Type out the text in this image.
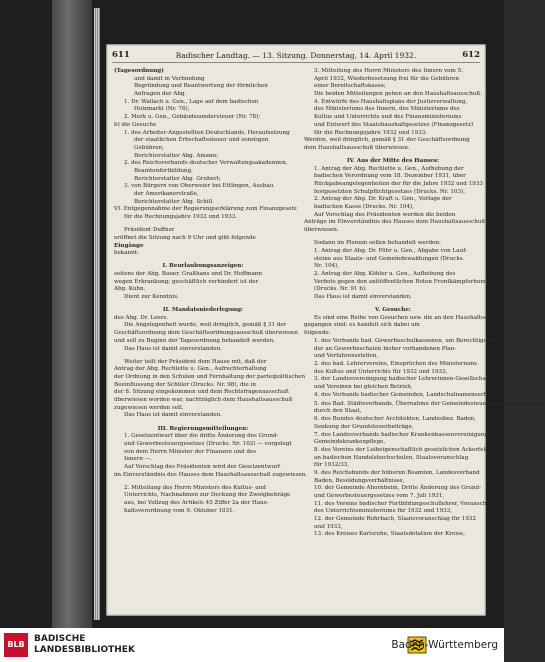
611	Badischer Landtag. — 13. Sitzung. Donnerstag, 14. April 1932.	612

(Tagesordnung)

und damit in Verbindung

Begründung und Beantwortung der förmlichen

Anfragen der Abg.

1. Dr. Wallach u. Gen., Lage auf dem badischen

Holzmarkt (Nr. 76),

2. Merk u. Gen., Gebäudesondersteuer (Nr. 78);

b) die Gesuche

1. des Arbeiter-Angestellten Deutschlands, Heraufsetzung

der staatlichen Erbschaftssteuer und sonstigen

Gebühren,

Berichterstatter Abg. Amann;

2. des Reichsverbands deutscher Verwaltungsakademien,

Beamtenfortbildung,

Berichterstatter Abg. Grubert;

3. von Bürgern von Oberweier bei Ettlingen, Ausbau

der Amerikanerstraße,

Berichterstatter Abg. Schill.

VI. Entgegennahme der Regierungserklärung zum Finanzgesetz

für die Rechnungsjahre 1932 und 1933.

Präsident Duffner

eröffnet die Sitzung nach 9 Uhr und gibt folgende

Eingänge

bekannt:

I. Beurlaubungsanzeigen:

seitens der Abg. Bauer, Graßhans und Dr. Hoffmann

wegen Erkrankung; geschäftlich verhindert ist der

Abg. Kuhn.

Dient zur Kenntnis.

II. Mandatsniederlegung:

des Abg. Dr. Leers.

Die Angelegenheit wurde, weil dringlich, gemäß § 31 der

Geschäftsordnung dem Geschäftsordnungsausschuß überwiesen

und soll zu Beginn der Tagesordnung behandelt werden.

Das Haus ist damit einverstanden.

Weiter teilt der Präsident dem Hause mit, daß der

Antrag der Abg. Rechlette u. Gen., Aufrechterhaltung

der Ordnung in den Schulen und Fernhaltung der parteipolitischen

Beeinflussung der Schüler (Drucks. Nr. 98), die in

der 8. Sitzung eingekommen und dem Rechtsfragenausschuß

überwiesen worden war, nachträglich dem Haushaltsausschuß

zugewiesen werden soll.

Das Haus ist damit einverstanden.

III. Regierungsmitteilungen:

1. Gesetzentwurf über die dritte Änderung des Grund-

und Gewerbesteuergesetzes (Drucks. Nr. 102) — vorgelegt

von dem Herrn Minister der Finanzen und des

Innern —.

Auf Vorschlag des Präsidenten wird der Gesetzentwurf

im Einverständnis des Hauses dem Haushaltsausschuß zugewiesen.

2. Mitteilung des Herrn Ministers des Kultus- und

Unterrichts, Nachnahmen zur Deckung der Zweigbeiträge

aus, bei Vollzug des Artikels 45 Ziffer 2a der Haus-

haltsverordnung vom 9. Oktober 1931.

3. Mitteilung des Herrn Ministers des Innern vom 5.

April 1932, Wiederbesetzung frei für die Gebühren

einer Bereitschaftskasse;

Die beiden Mitteilungen gehen an den Haushaltsausschuß.

4. Entwürfe des Haushaltsplans der Justizverwaltung,

des Ministeriums des Innern, des Ministeriums des

Kultus und Unterrichts und des Finanzministeriums

und Entwurf des Staatshaushaltgesetzes (Finanzgesetz)

für die Rechnungsjahre 1932 und 1933.

Werden, weil dringlich, gemäß § 31 der Geschäftsordnung

dem Haushaltsausschuß überwiesen.

IV. Aus der Mitte des Hauses:

1. Antrag der Abg. Rechlette u. Gen., Aufhebung der

badischen Verordnung vom 18. Dezember 1931, über

Rückgabeangelegenheiten der für die Jahre 1932 und 1933

festgesetzten Schulpflichtgesetzes (Drucks. Nr. 103),

2. Antrag der Abg. Dr. Kraft u. Gen., Vorlage der

badischen Kasse (Drucks. Nr. 104),

Auf Vorschlag des Präsidenten werden die beiden

Anträge im Einverständnis des Hauses dem Haushaltsausschuß

überwiesen.

Sodann im Plenum sollen behandelt werden:

1. Antrag der Abg. Dr. Föhr u. Gen., Abgabe von Lauf-

steine aus Staats- und Gemeindewaldungen (Drucks.

Nr. 104),

2. Antrag der Abg. Köhler u. Gen., Aufhebung des

Verbots gegen den antiöffentlichen Roten Frontkämpferbund

(Drucks. Nr. 91 b).

Das Haus ist damit einverstanden.

V. Gesuche:

Es sind eine Reihe von Gesuchen usw. die an den Haushaltsausschuß

gegangen sind; es handelt sich dabei um

folgende:

1. des Verbands bad. Gewerbeschulkassenen, um Berechtigung

der an Gewerbeschulen bisher vorhandenen Plan-

und Verfahrensstellen,

2. des bad. Lehrervereins, Einsprüchen des Ministeriums

des Kultus und Unterrichts für 1932 und 1933,

3. der Landesvereinigung badischer Lehrerinnen-Gesellschaften

und Vereinen bei gleichen Betrieb,

4. des Verbands badischer Gemeinden, Landschulnamenserhaltung,

5. des Bad. Städteverbands, Übernahme der Gemeindesteuerabgabenmaßnahme

durch den Staat,

6. des Bundes deutscher Architekten, Landesbez. Baden,

Senkung der Grundsteuerbeiträge,

7. des Landesverbands badischer Krankenkassenvereinigungen,

Gemeindekrankenpflege,

8. des Vereins der Leibeigenschaftlich gesetzlichen Ackerfelder

an badischen Handelshochschulen, Staatsvoranschlag

für 1932/33,

9. des Reichsbunds der höheren Beamten, Landesverband

Baden, Besoldungsverhältnisse,

10. der Gemeinde Ahornheim, Dritte Änderung des Grund-

und Gewerbesteuergesetzes vom 7. Juli 1931,

11. des Vereins badischer Fortbildungsschullehrer, Voranschlag

des Unterrichtsministeriums für 1932 und 1933,

12. der Gemeinde Rohrbach, Staatsvoranschlag für 1932

und 1933,

13. des Kreises Karlsruhe, Staatsdotation der Kreise,

BLB
BADISCHE
LANDESBIBLIOTHEK	Baden-Württemberg
